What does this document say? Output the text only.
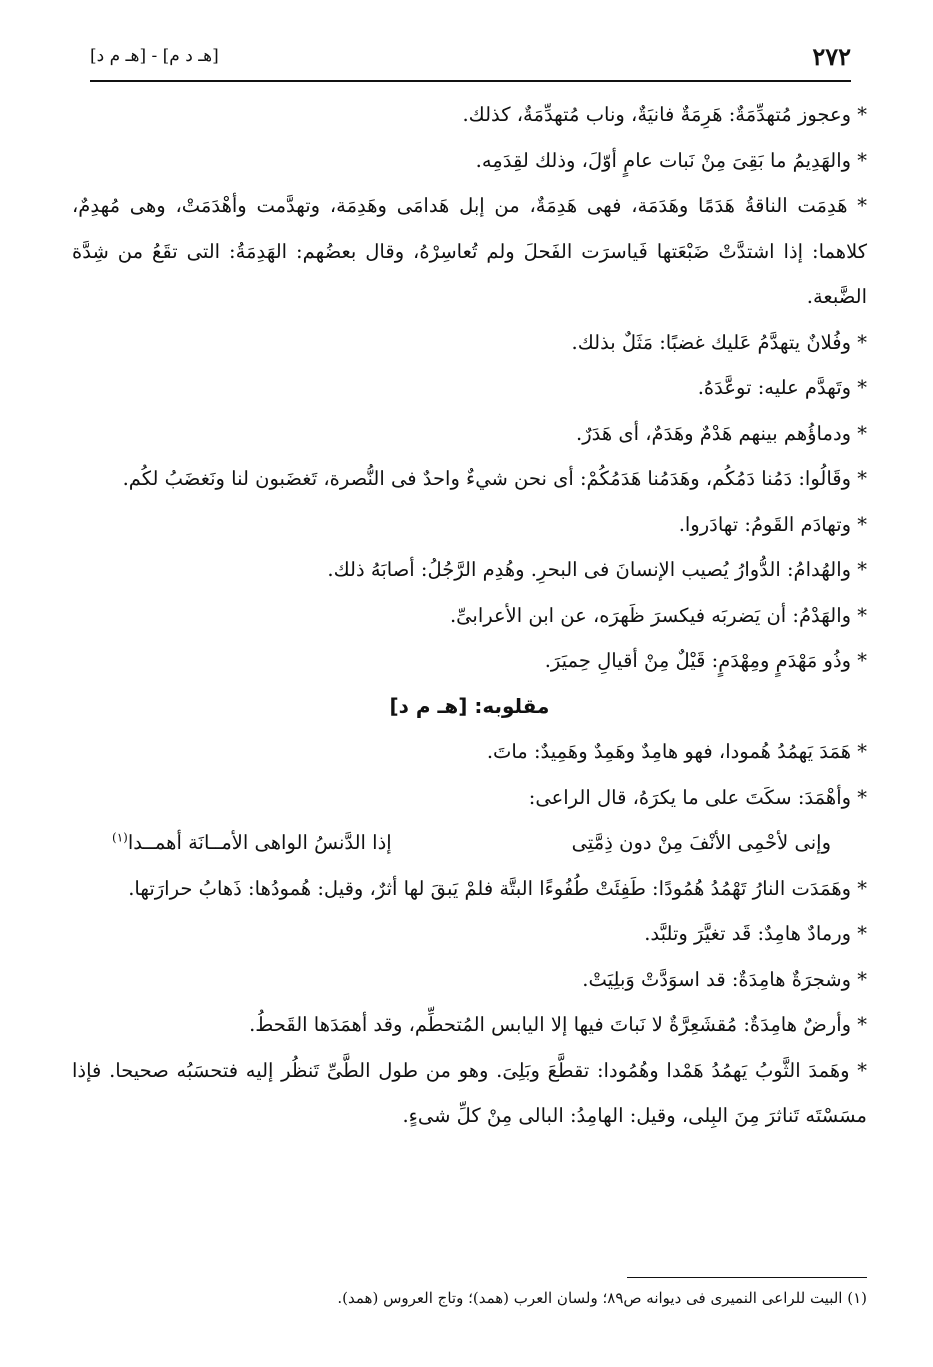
٢٧٢
[هـ د م] - [هـ م د]

* وعجوز مُتهدِّمَةٌ: هَرِمَةٌ فانيَةٌ، وناب مُتهدِّمَةٌ، كذلك.

* والهَدِيمُ ما بَقِىَ مِنْ نَبات عامٍ أوّلَ، وذلك لقِدَمِه.

* هَدِمَت الناقةُ هَدَمًا وهَدَمَة، فهى هَدِمَةٌ، من إبل هَدامَى وهَدِمَة، وتهدَّمت وأهْدَمَتْ، وهى مُهدِمٌ، كلاهما: إذا اشتدَّتْ ضَبْعَتها فَياسرَت الفَحلَ ولم تُعاسِرْهُ، وقال بعضُهم: الهَدِمَةُ: التى تقَعُ من شِدَّة الضَّبعة.

* وفُلانٌ يتهدَّمُ عَليك غضبًا: مَثَلٌ بذلك.

* وتَهدَّم عليه: توعَّدَهُ.

* ودماؤُهم بينهم هَدْمٌ وهَدَمٌ، أى هَدَرٌ.

* وقَالُوا: دَمُنا دَمُكُم، وهَدَمُنا هَدَمُكُمْ: أى نحن شيءٌ واحدٌ فى النُّصرة، تَغضَبون لنا ونَغضَبُ لكُم.

* وتهادَم القَومُ: تهادَروا.

* والهُدامُ: الدُّوارُ يُصيب الإنسانَ فى البحرِ. وهُدِم الرَّجُلُ: أصابَهُ ذلك.

* والهَدْمُ: أن يَضربَه فيكسرَ ظَهرَه، عن ابن الأعرابىِّ.

* وذُو مَهْدَمٍ ومِهْدَمٍ: قَيْلٌ مِنْ أقيالِ حِميَرَ.

مقلوبه: [هـ م د]

* هَمَدَ يَهمُدُ هُمودا، فهو هامِدٌ وهَمِدٌ وهَمِيدٌ: ماتَ.

* وأهْمَدَ: سكَتَ على ما يكرَهُ، قال الراعى:

وإنى لأحْمِى الأنْفَ مِنْ دون ذِمَّتِى
إذا الدَّنسُ الواهى الأمــانَة أهمــدا$^{(١)}$

* وهَمَدَت النارُ تَهْمُدُ هُمُودًا: طَفِئَتْ طُفُوءًا البتَّة فلمْ يَبقَ لها أثرٌ، وقيل: هُمودُها: ذَهابُ حرارَتها.

* ورمادٌ هامِدٌ: قَد تغيَّرَ وتلبَّد.

* وشجرَةٌ هامِدَةٌ: قد اسوَدَّتْ وَبلِيَتْ.

* وأرضٌ هامِدَةٌ: مُقشَعِرَّةٌ لا نَباتَ فيها إلا اليابس المُتحطِّم، وقد أهمَدَها القَحطُ.

* وهَمدَ الثَّوبُ يَهمُدُ هَمْدا وهُمُودا: تقطَّعَ وبَلِىَ. وهو من طول الطَّىِّ تَنظُر إليه فتحسَبُه صحيحا. فإذا مسَسْتَه تَناثرَ مِنَ البِلى، وقيل: الهامِدُ: البالى مِنْ كلِّ شىءٍ.

(١) البيت للراعى النميرى فى ديوانه ص٨٩؛ ولسان العرب (همد)؛ وتاج العروس (همد).
